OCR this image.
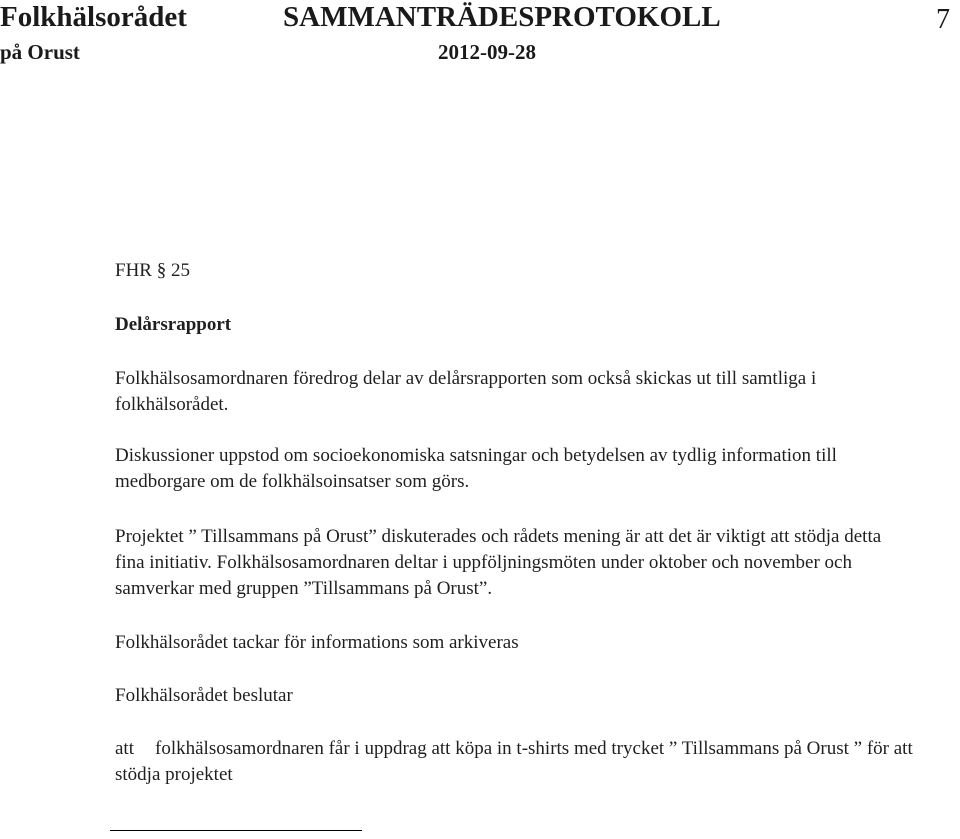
Folkhälsorådet	SAMMANTRÄDESPROTOKOLL	7
på Orust	2012-09-28
FHR § 25
Delårsrapport
Folkhälsosamordnaren föredrog delar av delårsrapporten som också skickas ut till samtliga i folkhälsorådet.
Diskussioner uppstod om socioekonomiska satsningar och betydelsen av tydlig information till medborgare om de folkhälsoinsatser som görs.
Projektet ” Tillsammans på Orust” diskuterades och rådets mening är att det är viktigt att stödja detta fina initiativ. Folkhälsosamordnaren deltar i uppföljningsmöten under oktober och november och samverkar med gruppen ”Tillsammans på Orust”.
Folkhälsorådet tackar för informations som arkiveras
Folkhälsorådet beslutar
att	folkhälsosamordnaren får i uppdrag att köpa in t-shirts med trycket ” Tillsammans på Orust ” för att stödja projektet
